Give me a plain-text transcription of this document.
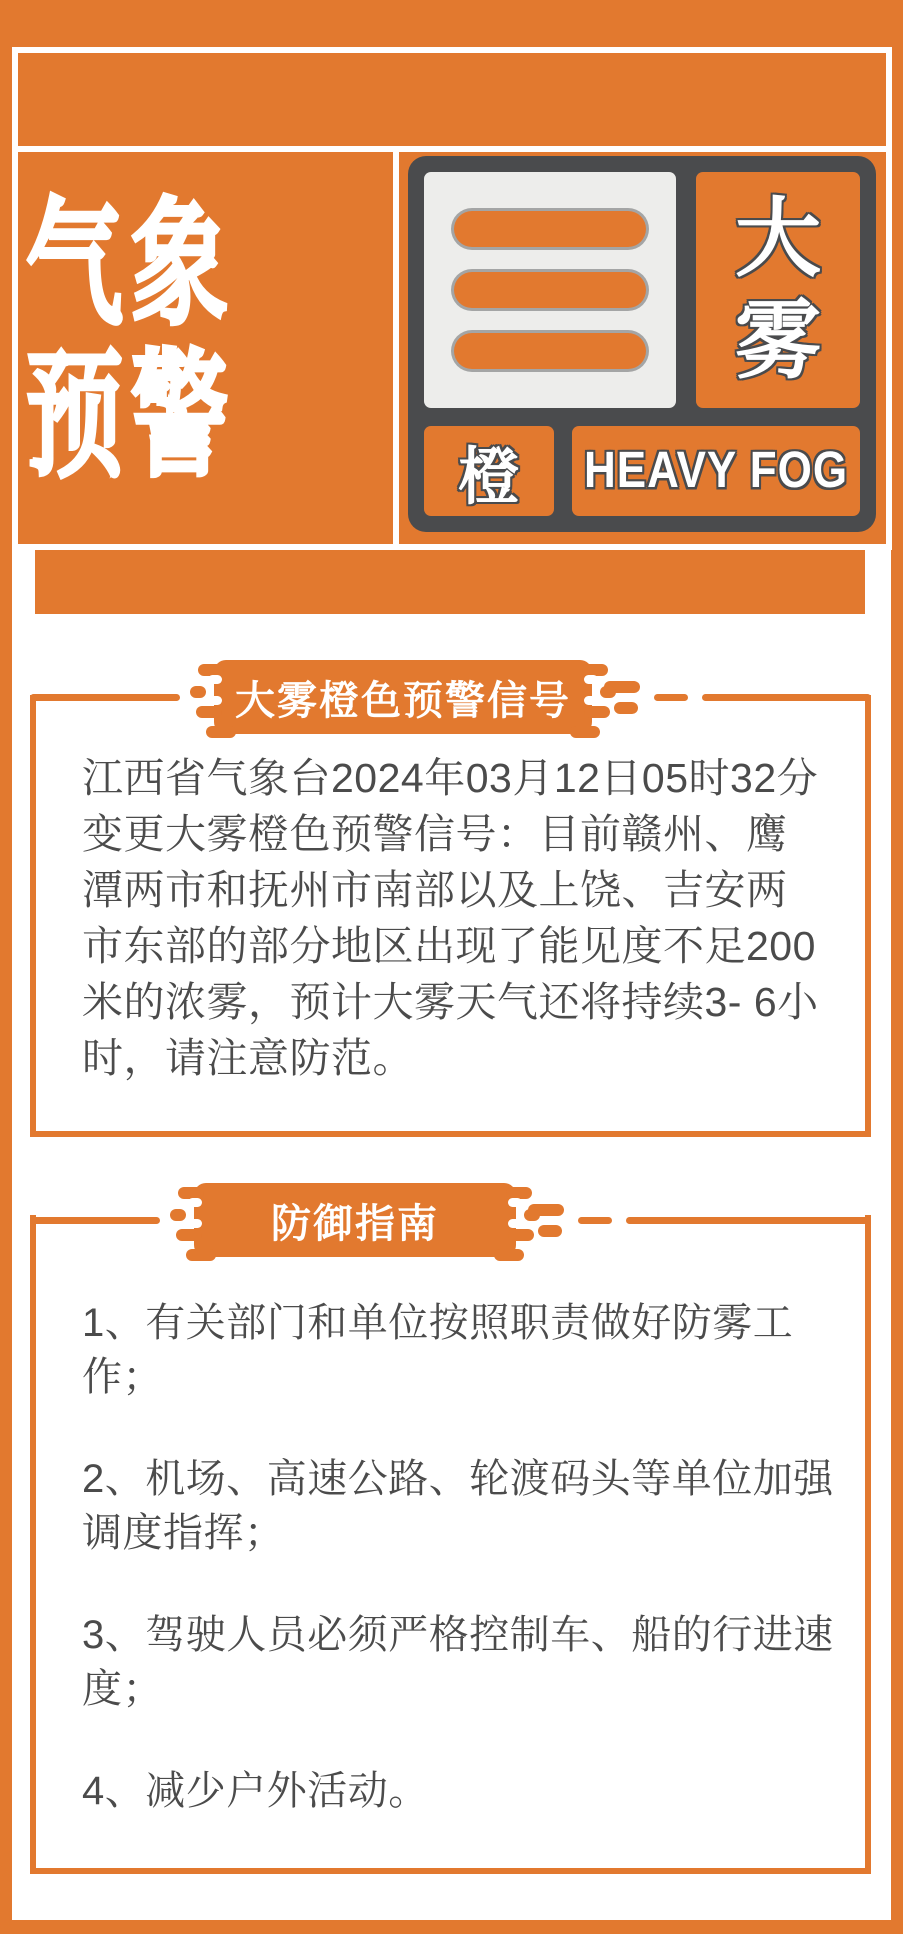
气象
预警
大
雾
橙	HEAVY FOG
大雾橙色预警信号
江西省气象台2024年03月12日05时32分变更大雾橙色预警信号：目前赣州、鹰潭两市和抚州市南部以及上饶、吉安两市东部的部分地区出现了能见度不足200米的浓雾，预计大雾天气还将持续3- 6小时，请注意防范。
防御指南
1、有关部门和单位按照职责做好防雾工作；
2、机场、高速公路、轮渡码头等单位加强调度指挥；
3、驾驶人员必须严格控制车、船的行进速度；
4、减少户外活动。
